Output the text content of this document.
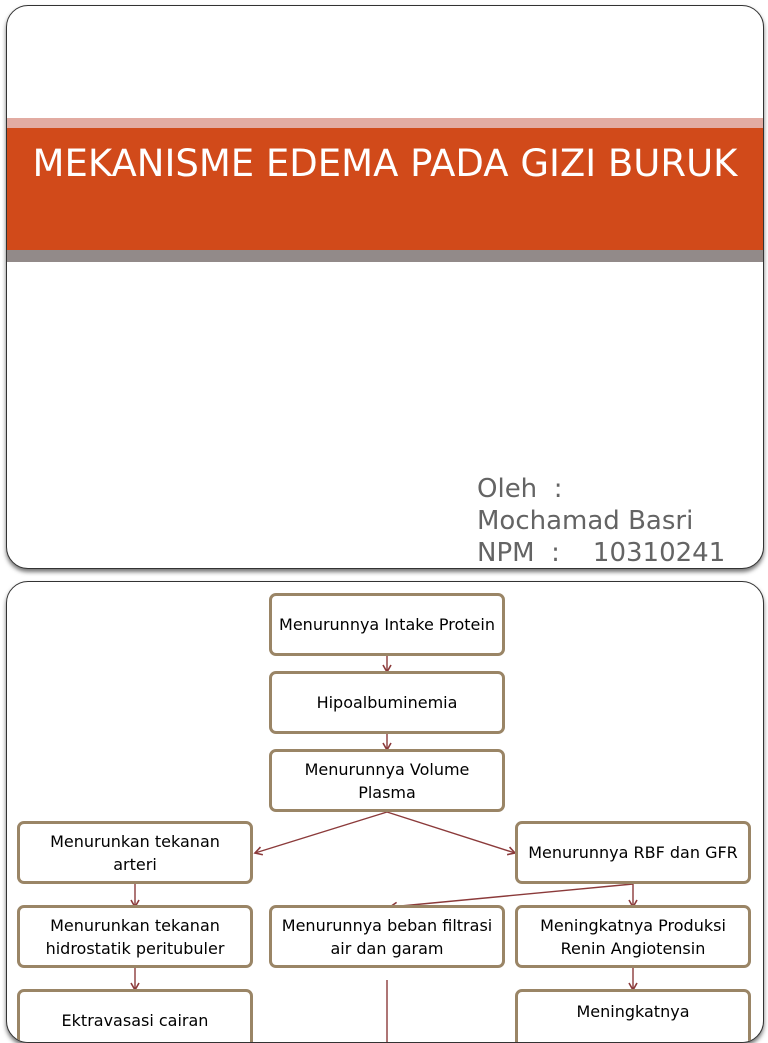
MEKANISME EDEMA PADA GIZI BURUK
Oleh  :
Mochamad Basri
NPM  :    10310241
Menurunnya Intake Protein
Hipoalbuminemia
Menurunnya Volume Plasma
Menurunkan tekanan arteri
Menurunnya RBF dan GFR
Menurunkan tekanan hidrostatik peritubuler
Menurunnya beban filtrasi air dan garam
Meningkatnya Produksi Renin Angiotensin
Ektravasasi cairan	Meningkatnya
